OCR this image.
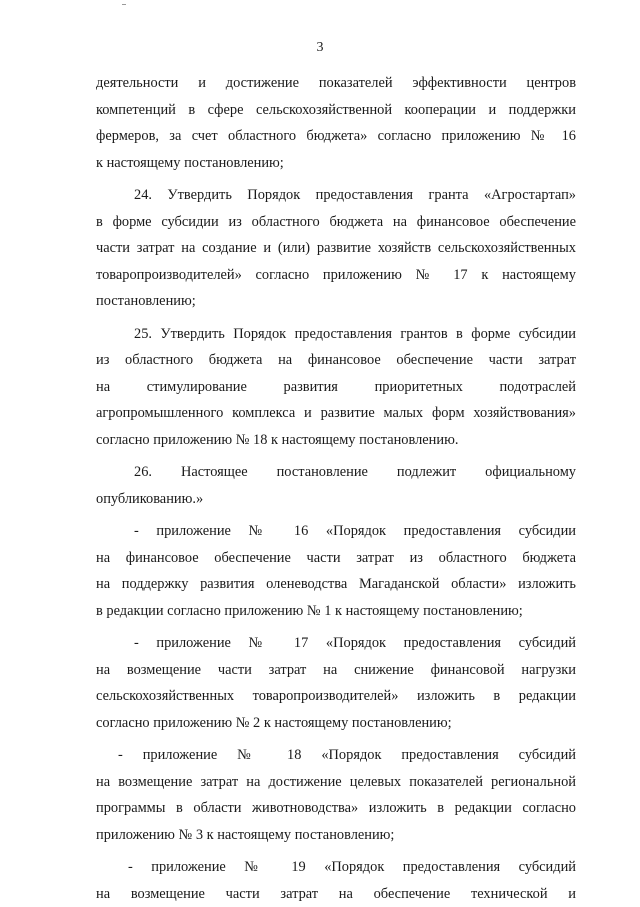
3
деятельности и достижение показателей эффективности центров
компетенций в сфере сельскохозяйственной кооперации и поддержки
фермеров, за счет областного бюджета» согласно приложению № 16
к настоящему постановлению;
24. Утвердить Порядок предоставления гранта «Агростартап»
в форме субсидии из областного бюджета на финансовое обеспечение
части затрат на создание и (или) развитие хозяйств сельскохозяйственных
товаропроизводителей» согласно приложению № 17 к настоящему
постановлению;
25. Утвердить Порядок предоставления грантов в форме субсидии
из областного бюджета на финансовое обеспечение части затрат
на стимулирование развития приоритетных подотраслей
агропромышленного комплекса и развитие малых форм хозяйствования»
согласно приложению № 18 к настоящему постановлению.
26. Настоящее постановление подлежит официальному
опубликованию.»
- приложение № 16 «Порядок предоставления субсидии
на финансовое обеспечение части затрат из областного бюджета
на поддержку развития оленеводства Магаданской области» изложить
в редакции согласно приложению № 1 к настоящему постановлению;
- приложение № 17 «Порядок предоставления субсидий
на возмещение части затрат на снижение финансовой нагрузки
сельскохозяйственных товаропроизводителей» изложить в редакции
согласно приложению № 2 к настоящему постановлению;
- приложение № 18 «Порядок предоставления субсидий
на возмещение затрат на достижение целевых показателей региональной
программы в области животноводства» изложить в редакции согласно
приложению № 3 к настоящему постановлению;
- приложение № 19 «Порядок предоставления субсидий
на возмещение части затрат на обеспечение технической и
